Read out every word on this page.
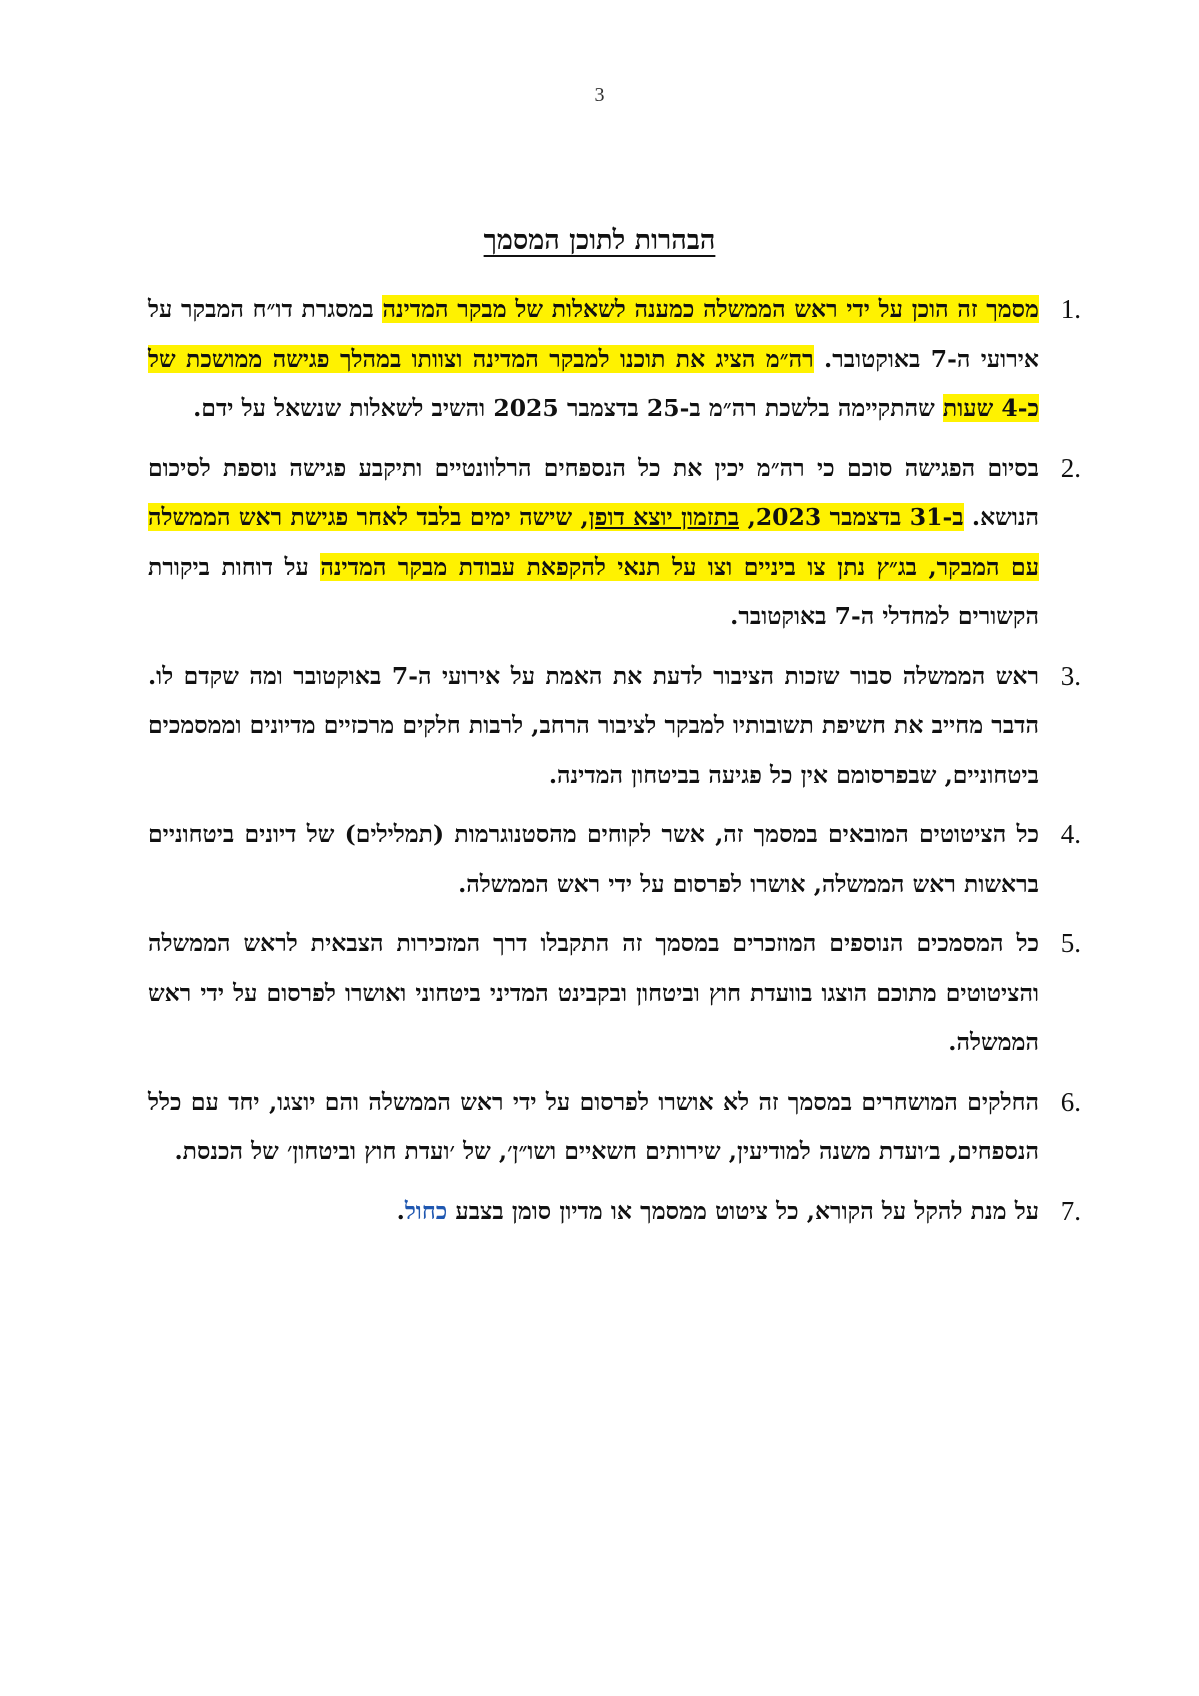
3
הבהרות לתוכן המסמך
.1
מסמך זה הוכן על ידי ראש הממשלה כמענה לשאלות של מבקר המדינה במסגרת דו״ח המבקר על אירועי ה-7 באוקטובר. רה״מ הציג את תוכנו למבקר המדינה וצוותו במהלך פגישה ממושכת של כ-4 שעות שהתקיימה בלשכת רה״מ ב-25 בדצמבר 2025 והשיב לשאלות שנשאל על ידם.
.2
בסיום הפגישה סוכם כי רה״מ יכין את כל הנספחים הרלוונטיים ותיקבע פגישה נוספת לסיכום הנושא. ב-31 בדצמבר 2023, בתזמון יוצא דופן, שישה ימים בלבד לאחר פגישת ראש הממשלה עם המבקר, בג״ץ נתן צו ביניים וצו על תנאי להקפאת עבודת מבקר המדינה על דוחות ביקורת הקשורים למחדלי ה-7 באוקטובר.
.3
ראש הממשלה סבור שזכות הציבור לדעת את האמת על אירועי ה-7 באוקטובר ומה שקדם לו. הדבר מחייב את חשיפת תשובותיו למבקר לציבור הרחב, לרבות חלקים מרכזיים מדיונים וממסמכים ביטחוניים, שבפרסומם אין כל פגיעה בביטחון המדינה.
.4
כל הציטוטים המובאים במסמך זה, אשר לקוחים מהסטנוגרמות (תמלילים) של דיונים ביטחוניים בראשות ראש הממשלה, אושרו לפרסום על ידי ראש הממשלה.
.5
כל המסמכים הנוספים המוזכרים במסמך זה התקבלו דרך המזכירות הצבאית לראש הממשלה והציטוטים מתוכם הוצגו בוועדת חוץ וביטחון ובקבינט המדיני ביטחוני ואושרו לפרסום על ידי ראש הממשלה.
.6
החלקים המושחרים במסמך זה לא אושרו לפרסום על ידי ראש הממשלה והם יוצגו, יחד עם כלל הנספחים, ב׳ועדת משנה למודיעין, שירותים חשאיים ושו״ן׳, של ׳ועדת חוץ וביטחון׳ של הכנסת.
.7
על מנת להקל על הקורא, כל ציטוט ממסמך או מדיון סומן בצבע כחול.
